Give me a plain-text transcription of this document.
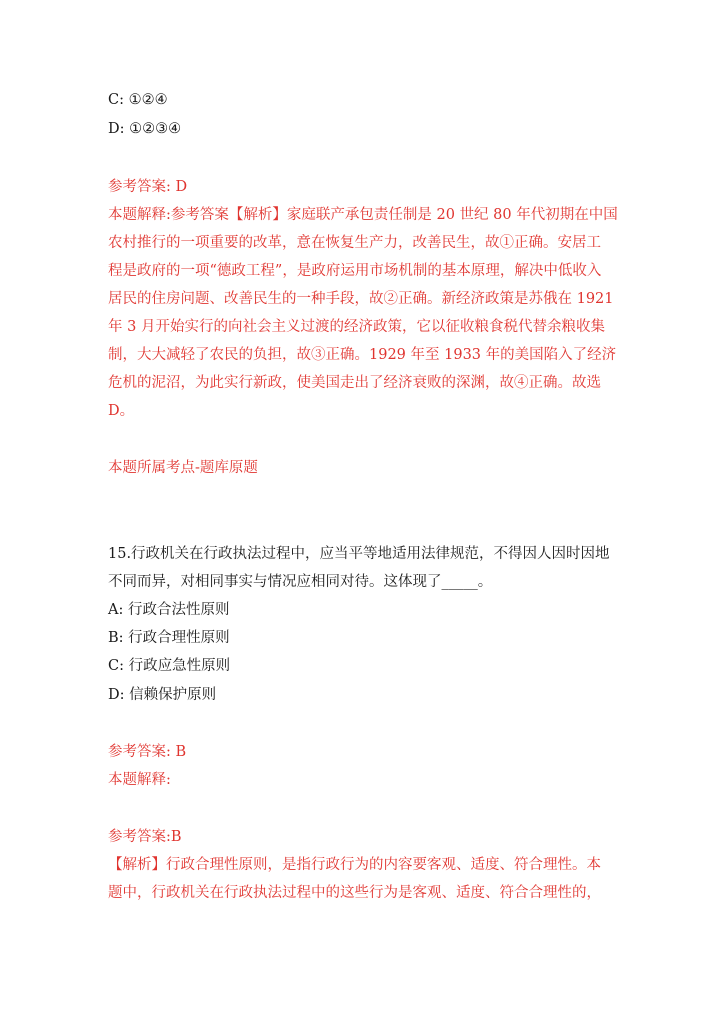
C: ①②④
D: ①②③④
参考答案: D
本题解释:参考答案【解析】家庭联产承包责任制是 20 世纪 80 年代初期在中国
农村推行的一项重要的改革，意在恢复生产力，改善民生，故①正确。安居工
程是政府的一项“德政工程”，是政府运用市场机制的基本原理，解决中低收入
居民的住房问题、改善民生的一种手段，故②正确。新经济政策是苏俄在 1921
年 3 月开始实行的向社会主义过渡的经济政策，它以征收粮食税代替余粮收集
制，大大减轻了农民的负担，故③正确。1929 年至 1933 年的美国陷入了经济
危机的泥沼，为此实行新政，使美国走出了经济衰败的深渊，故④正确。故选
D。
本题所属考点-题库原题
15.行政机关在行政执法过程中，应当平等地适用法律规范，不得因人因时因地
不同而异，对相同事实与情况应相同对待。这体现了_____。
A: 行政合法性原则
B: 行政合理性原则
C: 行政应急性原则
D: 信赖保护原则
参考答案: B
本题解释:
参考答案:B
【解析】行政合理性原则，是指行政行为的内容要客观、适度、符合理性。本
题中，行政机关在行政执法过程中的这些行为是客观、适度、符合合理性的，
